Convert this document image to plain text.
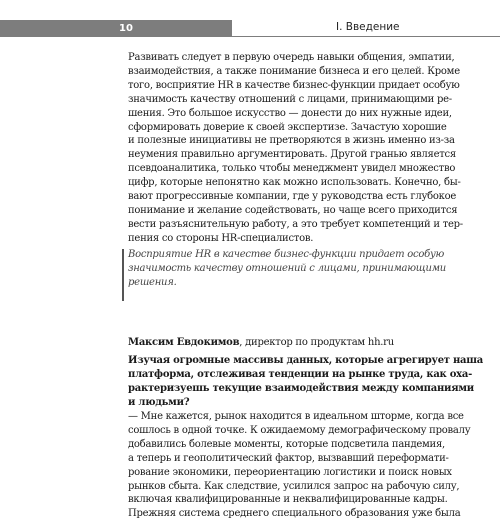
10	I. Введение
Развивать следует в первую очередь навыки общения, эмпатии,
взаимодействия, а также понимание бизнеса и его целей. Кроме
того, восприятие HR в качестве бизнес-функции придает особую
значимость качеству отношений с лицами, принимающими ре-
шения. Это большое искусство — донести до них нужные идеи,
сформировать доверие к своей экспертизе. Зачастую хорошие
и полезные инициативы не претворяются в жизнь именно из-за
неумения правильно аргументировать. Другой гранью является
псевдоаналитика, только чтобы менеджмент увидел множество
цифр, которые непонятно как можно использовать. Конечно, бы-
вают прогрессивные компании, где у руководства есть глубокое
понимание и желание содействовать, но чаще всего приходится
вести разъяснительную работу, а это требует компетенций и тер-
пения со стороны HR-специалистов.
Восприятие HR в качестве бизнес-функции придает особую
значимость качеству отношений с лицами, принимающими
решения.
Максим Евдокимов, директор по продуктам hh.ru
Изучая огромные массивы данных, которые агрегирует наша
платформа, отслеживая тенденции на рынке труда, как оха-
рактеризуешь текущие взаимодействия между компаниями
и людьми?
— Мне кажется, рынок находится в идеальном шторме, когда все
сошлось в одной точке. К ожидаемому демографическому провалу
добавились болевые моменты, которые подсветила пандемия,
а теперь и геополитический фактор, вызвавший переформати-
рование экономики, переориентацию логистики и поиск новых
рынков сбыта. Как следствие, усилился запрос на рабочую силу,
включая квалифицированные и неквалифицированные кадры.
Прежняя система среднего специального образования уже была
